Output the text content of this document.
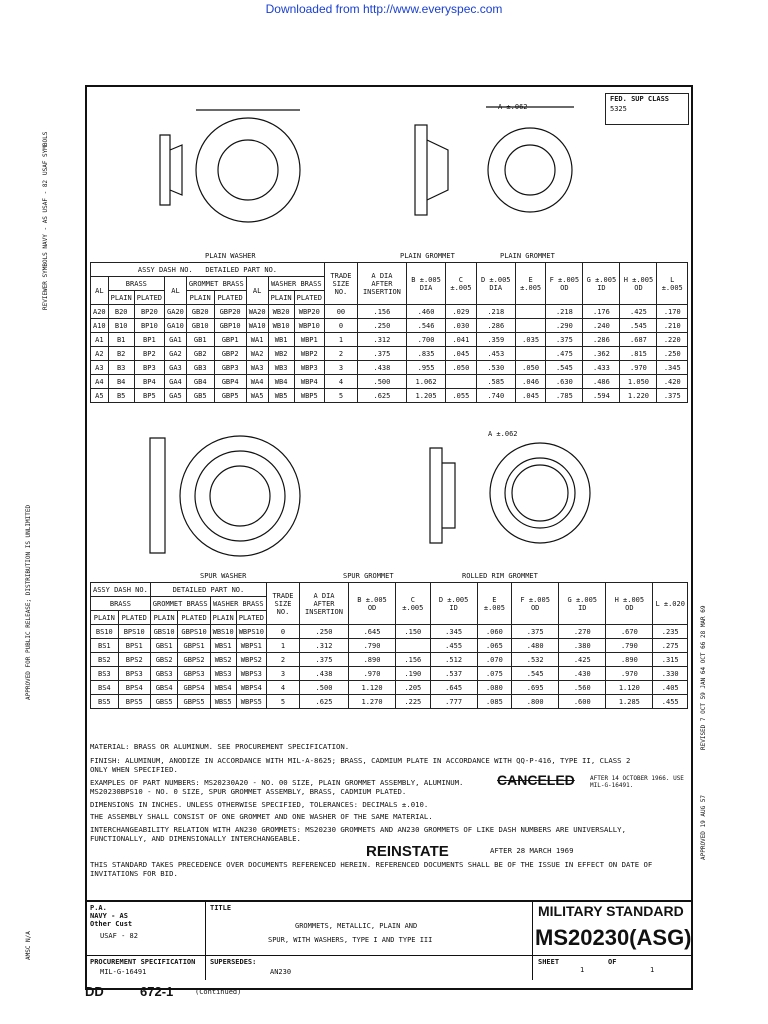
Downloaded from http://www.everyspec.com
FED. SUP CLASS
5325
PLAIN WASHER	PLAIN GROMMET	PLAIN GROMMET
A ±.062
ASSY DASH NO. DETAILED PART NO.									TRADE SIZE NO.	A DIA AFTER INSERTION	B ±.005 DIA	C ±.005	D ±.005 DIA	E ±.005	F ±.005 OD	G ±.005 ID	H ±.005 OD	L ±.005
AL	BRASS		AL	GROMMET BRASS		AL	WASHER BRASS											
	PLAIN	PLATED		PLAIN	PLATED		PLAIN	PLATED										
A20	B20	BP20	GA20	GB20	GBP20	WA20	WB20	WBP20	00	.156	.460	.029	.218		.218	.176	.425	.170
A10	B10	BP10	GA10	GB10	GBP10	WA10	WB10	WBP10	0	.250	.546	.030	.286		.290	.240	.545	.210
A1	B1	BP1	GA1	GB1	GBP1	WA1	WB1	WBP1	1	.312	.700	.041	.359	.035	.375	.286	.687	.220
A2	B2	BP2	GA2	GB2	GBP2	WA2	WB2	WBP2	2	.375	.835	.045	.453		.475	.362	.815	.250
A3	B3	BP3	GA3	GB3	GBP3	WA3	WB3	WBP3	3	.438	.955	.050	.530	.050	.545	.433	.970	.345
A4	B4	BP4	GA4	GB4	GBP4	WA4	WB4	WBP4	4	.500	1.062		.585	.046	.630	.486	1.050	.420
A5	B5	BP5	GA5	GB5	GBP5	WA5	WB5	WBP5	5	.625	1.205	.055	.740	.045	.785	.594	1.220	.375
SPUR WASHER	SPUR GROMMET	ROLLED RIM GROMMET
A ±.062
ASSY DASH NO.		DETAILED PART NO.				TRADE SIZE NO.	A DIA AFTER INSERTION	B ±.005 OD	C ±.005	D ±.005 ID	E ±.005	F ±.005 OD	G ±.005 ID	H ±.005 OD	L ±.020
BRASS		GROMMET BRASS		WASHER BRASS											
PLAIN	PLATED	PLAIN	PLATED	PLAIN	PLATED										
BS10	BPS10	GBS10	GBPS10	WBS10	WBPS10	0	.250	.645	.150	.345	.060	.375	.270	.670	.235
BS1	BPS1	GBS1	GBPS1	WBS1	WBPS1	1	.312	.790		.455	.065	.480	.380	.790	.275
BS2	BPS2	GBS2	GBPS2	WBS2	WBPS2	2	.375	.890	.156	.512	.070	.532	.425	.890	.315
BS3	BPS3	GBS3	GBPS3	WBS3	WBPS3	3	.438	.970	.190	.537	.075	.545	.430	.970	.330
BS4	BPS4	GBS4	GBPS4	WBS4	WBPS4	4	.500	1.120	.205	.645	.080	.695	.560	1.120	.405
BS5	BPS5	GBS5	GBPS5	WBS5	WBPS5	5	.625	1.270	.225	.777	.085	.800	.600	1.285	.455
MATERIAL: BRASS OR ALUMINUM. SEE PROCUREMENT SPECIFICATION.
FINISH: ALUMINUM, ANODIZE IN ACCORDANCE WITH MIL-A-8625; BRASS, CADMIUM PLATE IN ACCORDANCE WITH QQ-P-416, TYPE II, CLASS 2
ONLY WHEN SPECIFIED.
EXAMPLES OF PART NUMBERS: MS20230A20 - NO. 00 SIZE, PLAIN GROMMET ASSEMBLY, ALUMINUM.
MS20230BPS10 - NO. 0 SIZE, SPUR GROMMET ASSEMBLY, BRASS, CADMIUM PLATED.
DIMENSIONS IN INCHES. UNLESS OTHERWISE SPECIFIED, TOLERANCES: DECIMALS ±.010.
CANCELED	AFTER 14 OCTOBER 1966. USE MIL-G-16491.
THE ASSEMBLY SHALL CONSIST OF ONE GROMMET AND ONE WASHER OF THE SAME MATERIAL.
INTERCHANGEABILITY RELATION WITH AN230 GROMMETS: MS20230 GROMMETS AND AN230 GROMMETS OF LIKE DASH NUMBERS ARE UNIVERSALLY,
FUNCTIONALLY, AND DIMENSIONALLY INTERCHANGEABLE.
REINSTATE	AFTER 28 MARCH 1969
THIS STANDARD TAKES PRECEDENCE OVER DOCUMENTS REFERENCED HEREIN. REFERENCED DOCUMENTS SHALL BE OF THE ISSUE IN EFFECT ON DATE OF
INVITATIONS FOR BID.
P.A.
NAVY - AS
Other Cust
USAF - 82
TITLE
GROMMETS, METALLIC, PLAIN AND
SPUR, WITH WASHERS, TYPE I AND TYPE III
MILITARY STANDARD
MS20230(ASG)
PROCUREMENT SPECIFICATION
MIL-G-16491
SUPERSEDES:
AN230
SHEET
1
OF
1
DD	672-1	(Continued)
USAF SYMBOLS
REVIEWER SYMBOLS NAVY - AS USAF - 82
APPROVED FOR PUBLIC RELEASE; DISTRIBUTION IS UNLIMITED
AMSC N/A
REVISED 7 OCT 59 JAN 64 OCT 66 28 MAR 69
APPROVED 19 AUG 57
